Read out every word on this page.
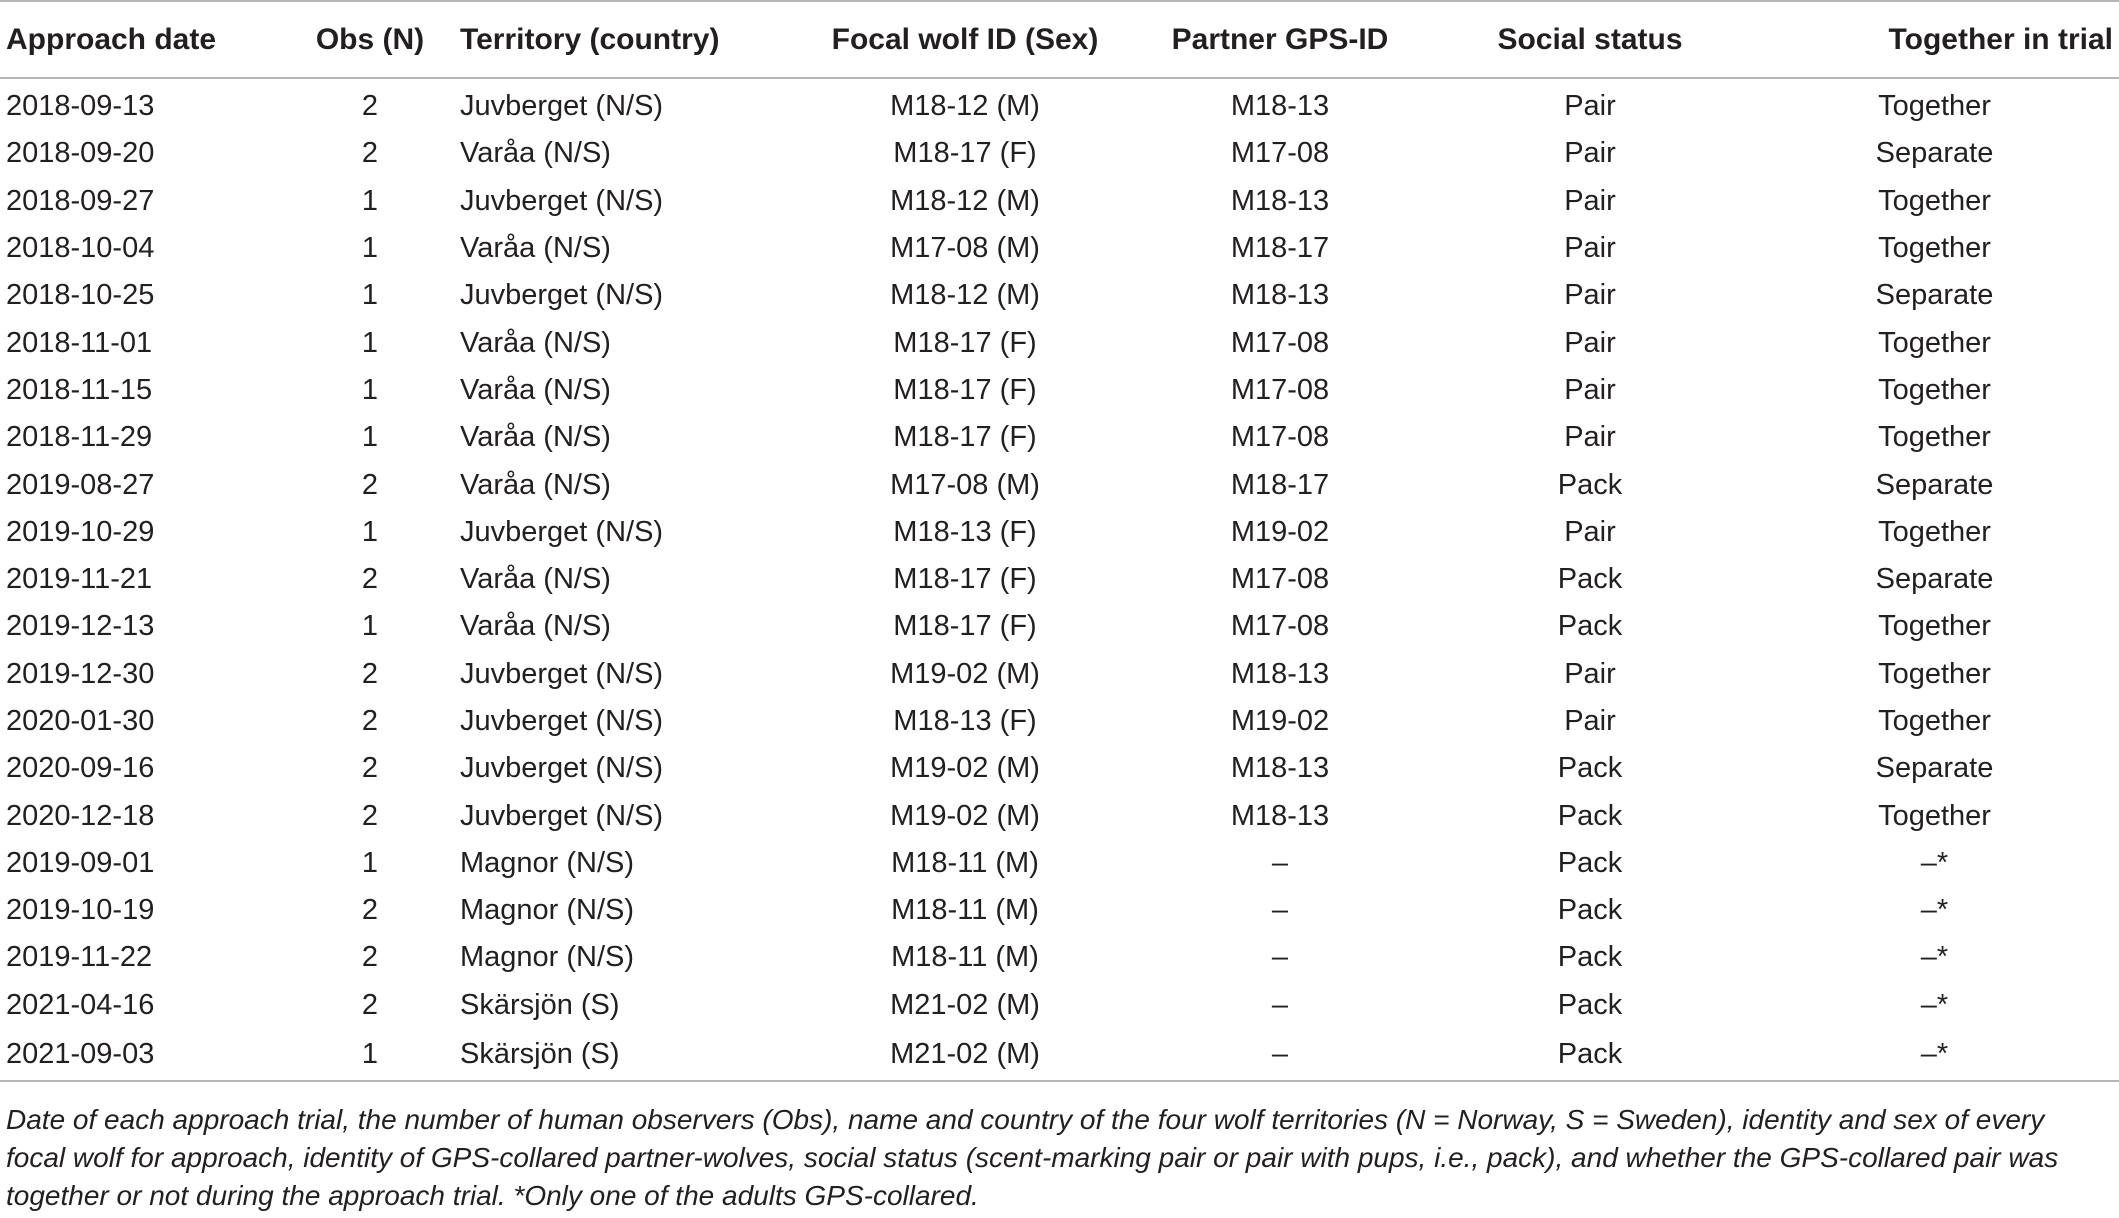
Approach date	Obs (N)	Territory (country)	Focal wolf ID (Sex)	Partner GPS-ID	Social status	Together in trial
2018-09-13	2	Juvberget (N/S)	M18-12 (M)	M18-13	Pair	Together
2018-09-20	2	Varåa (N/S)	M18-17 (F)	M17-08	Pair	Separate
2018-09-27	1	Juvberget (N/S)	M18-12 (M)	M18-13	Pair	Together
2018-10-04	1	Varåa (N/S)	M17-08 (M)	M18-17	Pair	Together
2018-10-25	1	Juvberget (N/S)	M18-12 (M)	M18-13	Pair	Separate
2018-11-01	1	Varåa (N/S)	M18-17 (F)	M17-08	Pair	Together
2018-11-15	1	Varåa (N/S)	M18-17 (F)	M17-08	Pair	Together
2018-11-29	1	Varåa (N/S)	M18-17 (F)	M17-08	Pair	Together
2019-08-27	2	Varåa (N/S)	M17-08 (M)	M18-17	Pack	Separate
2019-10-29	1	Juvberget (N/S)	M18-13 (F)	M19-02	Pair	Together
2019-11-21	2	Varåa (N/S)	M18-17 (F)	M17-08	Pack	Separate
2019-12-13	1	Varåa (N/S)	M18-17 (F)	M17-08	Pack	Together
2019-12-30	2	Juvberget (N/S)	M19-02 (M)	M18-13	Pair	Together
2020-01-30	2	Juvberget (N/S)	M18-13 (F)	M19-02	Pair	Together
2020-09-16	2	Juvberget (N/S)	M19-02 (M)	M18-13	Pack	Separate
2020-12-18	2	Juvberget (N/S)	M19-02 (M)	M18-13	Pack	Together
2019-09-01	1	Magnor (N/S)	M18-11 (M)	–	Pack	–*
2019-10-19	2	Magnor (N/S)	M18-11 (M)	–	Pack	–*
2019-11-22	2	Magnor (N/S)	M18-11 (M)	–	Pack	–*
2021-04-16	2	Skärsjön (S)	M21-02 (M)	–	Pack	–*
2021-09-03	1	Skärsjön (S)	M21-02 (M)	–	Pack	–*
Date of each approach trial, the number of human observers (Obs), name and country of the four wolf territories (N = Norway, S = Sweden), identity and sex of every focal wolf for approach, identity of GPS-collared partner-wolves, social status (scent-marking pair or pair with pups, i.e., pack), and whether the GPS-collared pair was together or not during the approach trial. *Only one of the adults GPS-collared.
